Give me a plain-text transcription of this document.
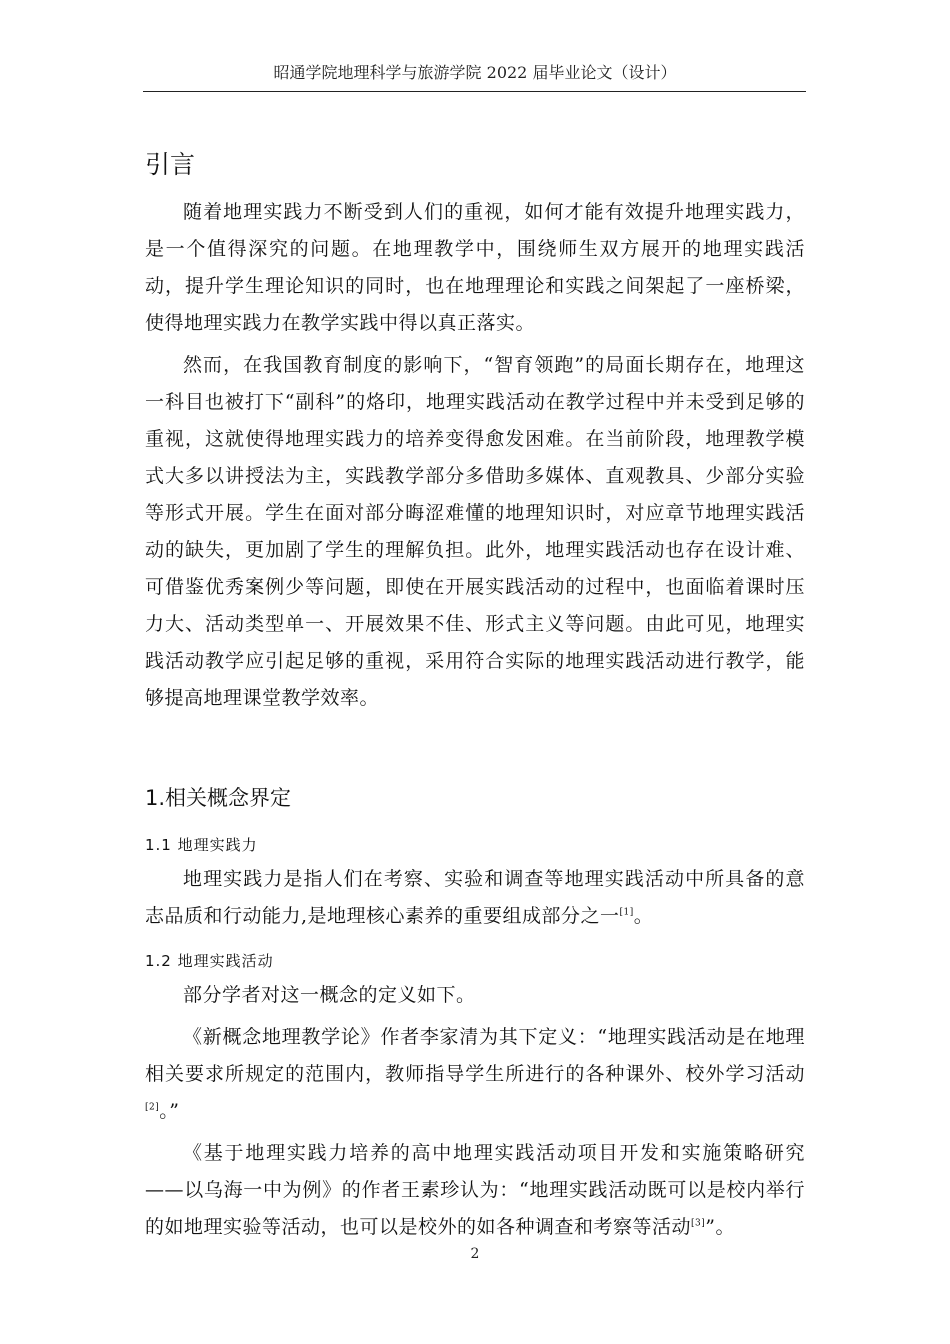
昭通学院地理科学与旅游学院 2022 届毕业论文（设计）
引言

随着地理实践力不断受到人们的重视，如何才能有效提升地理实践力，是一个值得深究的问题。在地理教学中，围绕师生双方展开的地理实践活动，提升学生理论知识的同时，也在地理理论和实践之间架起了一座桥梁，使得地理实践力在教学实践中得以真正落实。

然而，在我国教育制度的影响下，“智育领跑”的局面长期存在，地理这一科目也被打下“副科”的烙印，地理实践活动在教学过程中并未受到足够的重视，这就使得地理实践力的培养变得愈发困难。在当前阶段，地理教学模式大多以讲授法为主，实践教学部分多借助多媒体、直观教具、少部分实验等形式开展。学生在面对部分晦涩难懂的地理知识时，对应章节地理实践活动的缺失，更加剧了学生的理解负担。此外，地理实践活动也存在设计难、可借鉴优秀案例少等问题，即使在开展实践活动的过程中，也面临着课时压力大、活动类型单一、开展效果不佳、形式主义等问题。由此可见，地理实践活动教学应引起足够的重视，采用符合实际的地理实践活动进行教学，能够提高地理课堂教学效率。

1.相关概念界定
1.1 地理实践力

地理实践力是指人们在考察、实验和调查等地理实践活动中所具备的意志品质和行动能力,是地理核心素养的重要组成部分之一[1]。

1.2 地理实践活动

部分学者对这一概念的定义如下。

《新概念地理教学论》作者李家清为其下定义：“地理实践活动是在地理相关要求所规定的范围内，教师指导学生所进行的各种课外、校外学习活动[2]。”

《基于地理实践力培养的高中地理实践活动项目开发和实施策略研究——以乌海一中为例》的作者王素珍认为：“地理实践活动既可以是校内举行的如地理实验等活动，也可以是校外的如各种调查和考察等活动[3]”。

2
